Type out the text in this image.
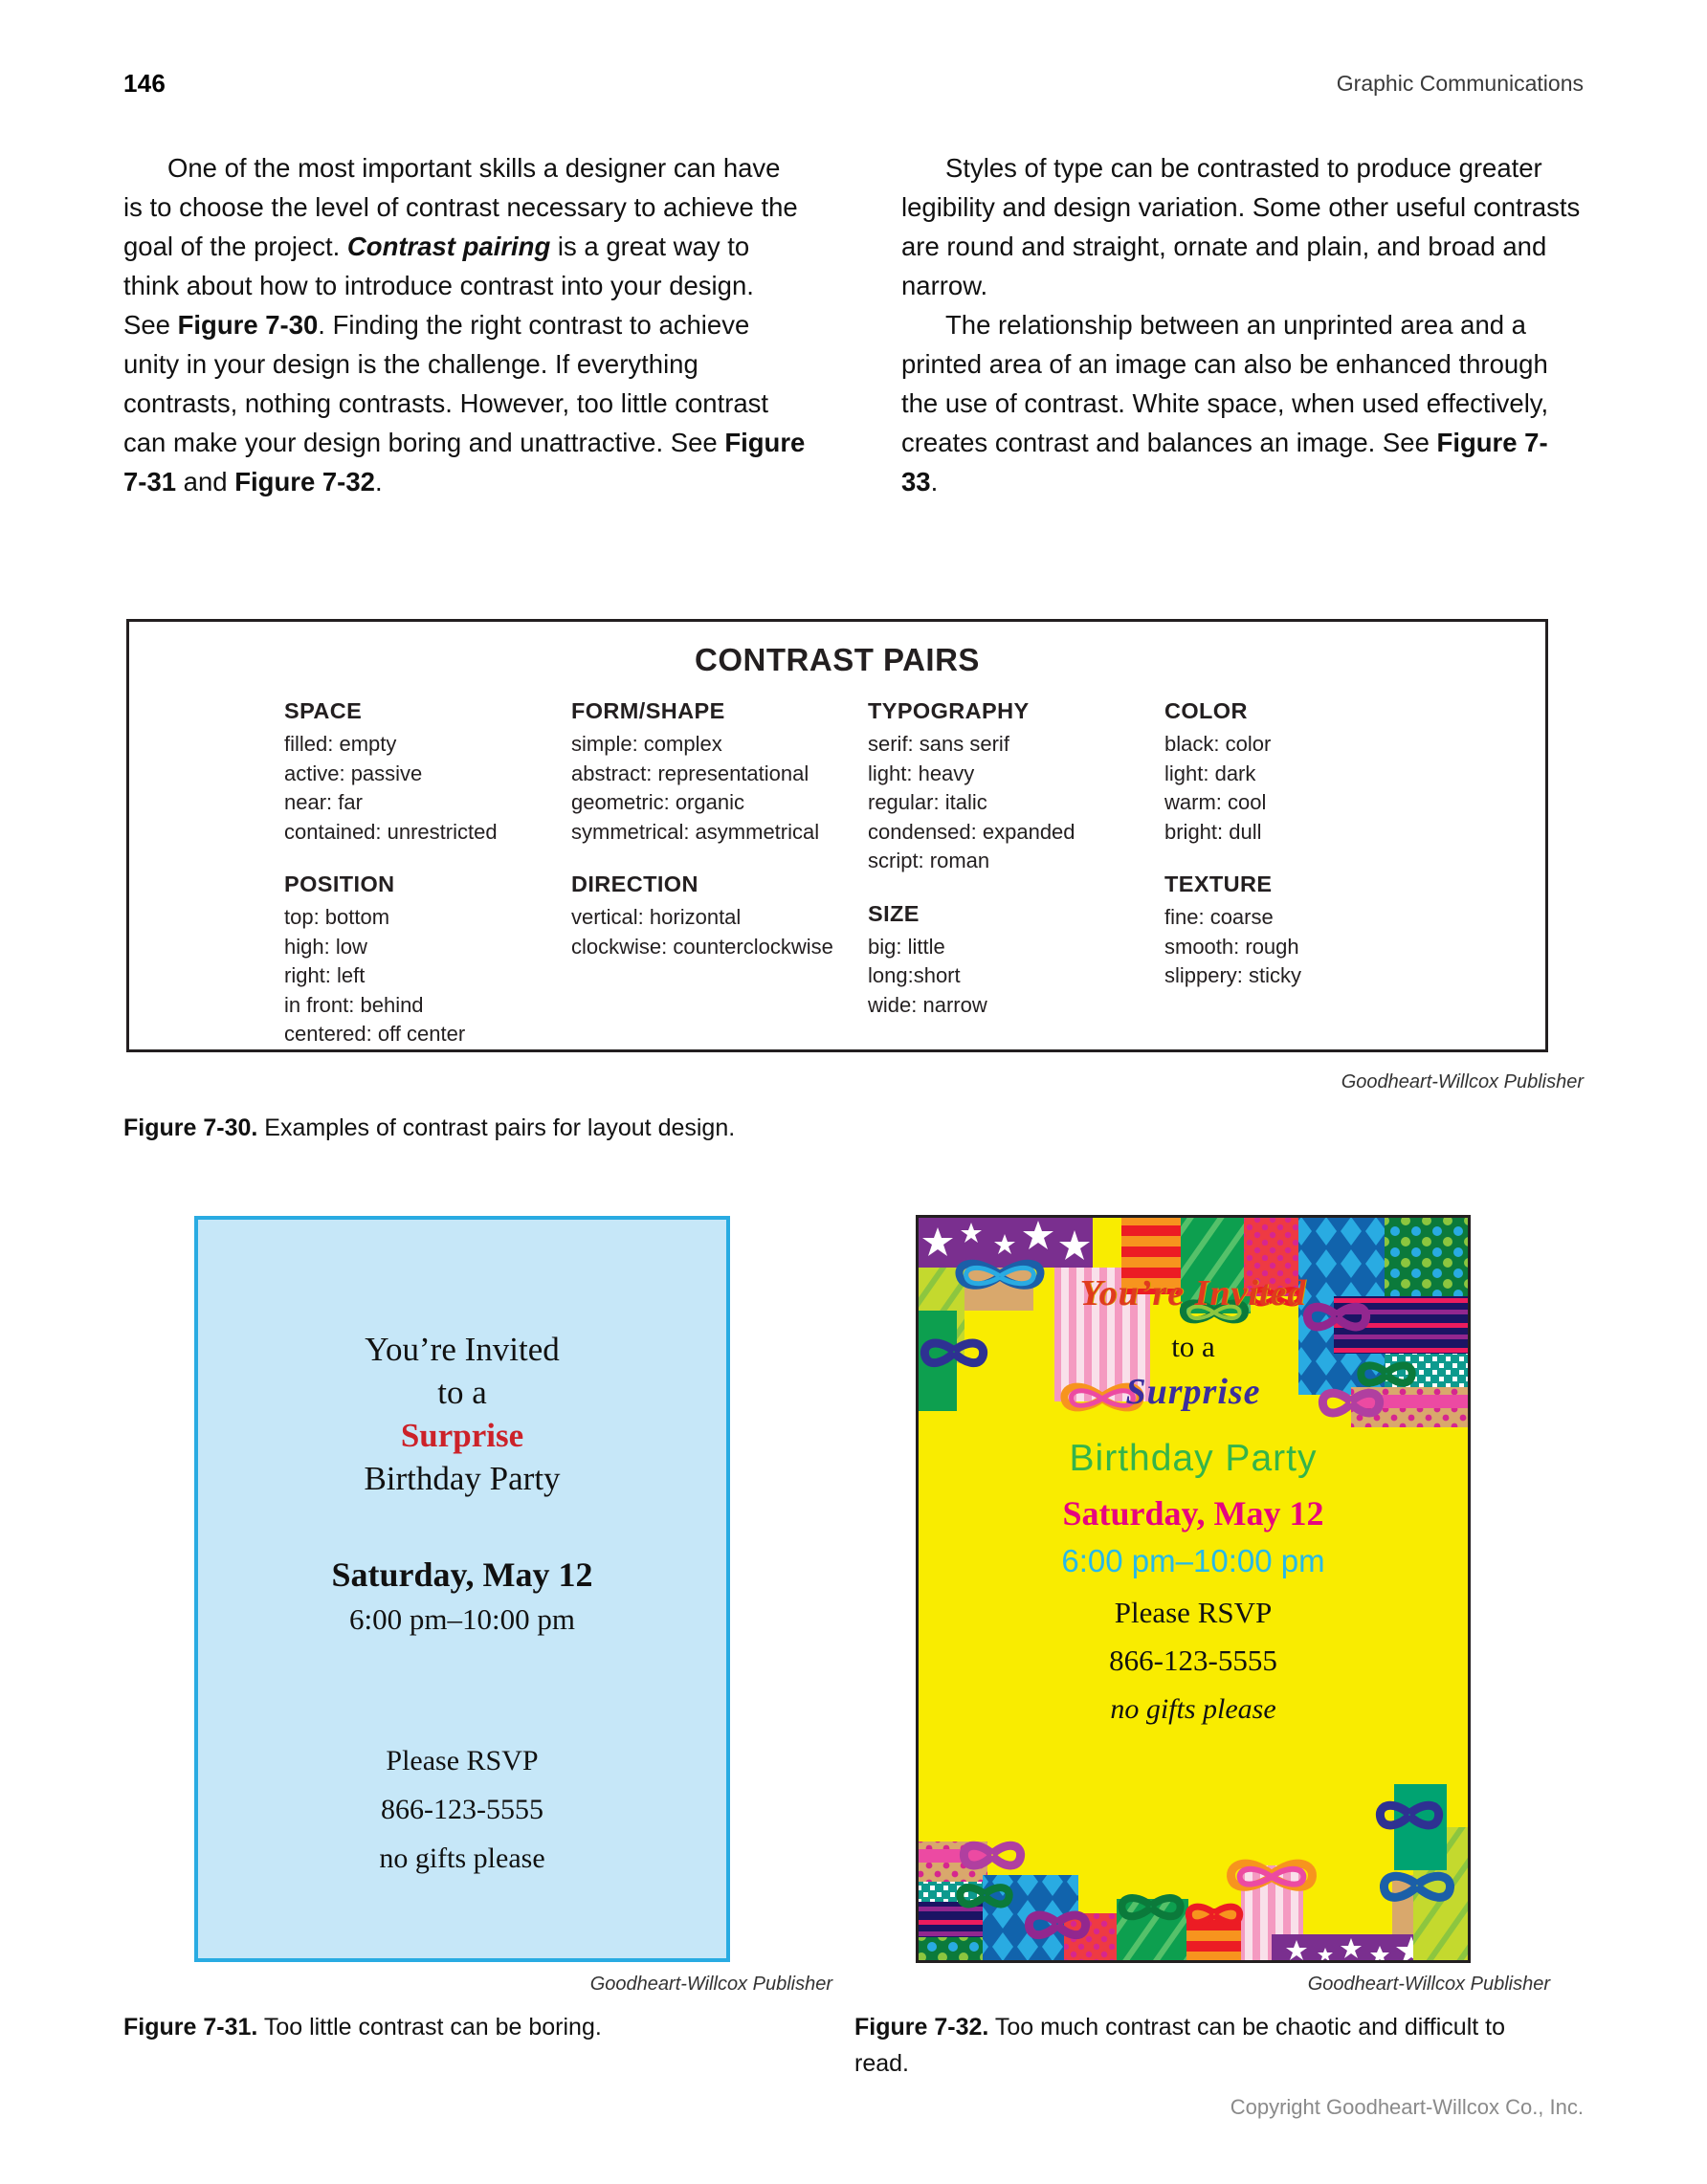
146	Graphic Communications

One of the most important skills a designer can have is to choose the level of contrast necessary to achieve the goal of the project. Contrast pairing is a great way to think about how to introduce contrast into your design. See Figure 7-30. Finding the right contrast to achieve unity in your design is the challenge. If everything contrasts, nothing contrasts. However, too little contrast can make your design boring and unattractive. See Figure 7-31 and Figure 7-32.

Styles of type can be contrasted to produce greater legibility and design variation. Some other useful contrasts are round and straight, ornate and plain, and broad and narrow.

The relationship between an unprinted area and a printed area of an image can also be enhanced through the use of contrast. White space, when used effectively, creates contrast and balances an image. See Figure 7-33.

CONTRAST PAIRS
SPACE
filled: empty
active: passive
near: far
contained: unrestricted
POSITION
top: bottom
high: low
right: left
in front: behind
centered: off center
FORM/SHAPE
simple: complex
abstract: representational
geometric: organic
symmetrical: asymmetrical
DIRECTION
vertical: horizontal
clockwise: counterclockwise
TYPOGRAPHY
serif: sans serif
light: heavy
regular: italic
condensed: expanded
script: roman
SIZE
big: little
long:short
wide: narrow
COLOR
black: color
light: dark
warm: cool
bright: dull
TEXTURE
fine: coarse
smooth: rough
slippery: sticky
Goodheart-Willcox Publisher
Figure 7-30. Examples of contrast pairs for layout design.
You’re Invited
to a
Surprise
Birthday Party
Saturday, May 12
6:00 pm–10:00 pm
Please RSVP
866-123-5555
no gifts please
Goodheart-Willcox Publisher
Figure 7-31. Too little contrast can be boring.
You’re Invited
to a
Surprise
Birthday Party
Saturday, May 12
6:00 pm–10:00 pm
Please RSVP
866-123-5555
no gifts please
Goodheart-Willcox Publisher
Figure 7-32. Too much contrast can be chaotic and difficult to read.
Copyright Goodheart-Willcox Co., Inc.
